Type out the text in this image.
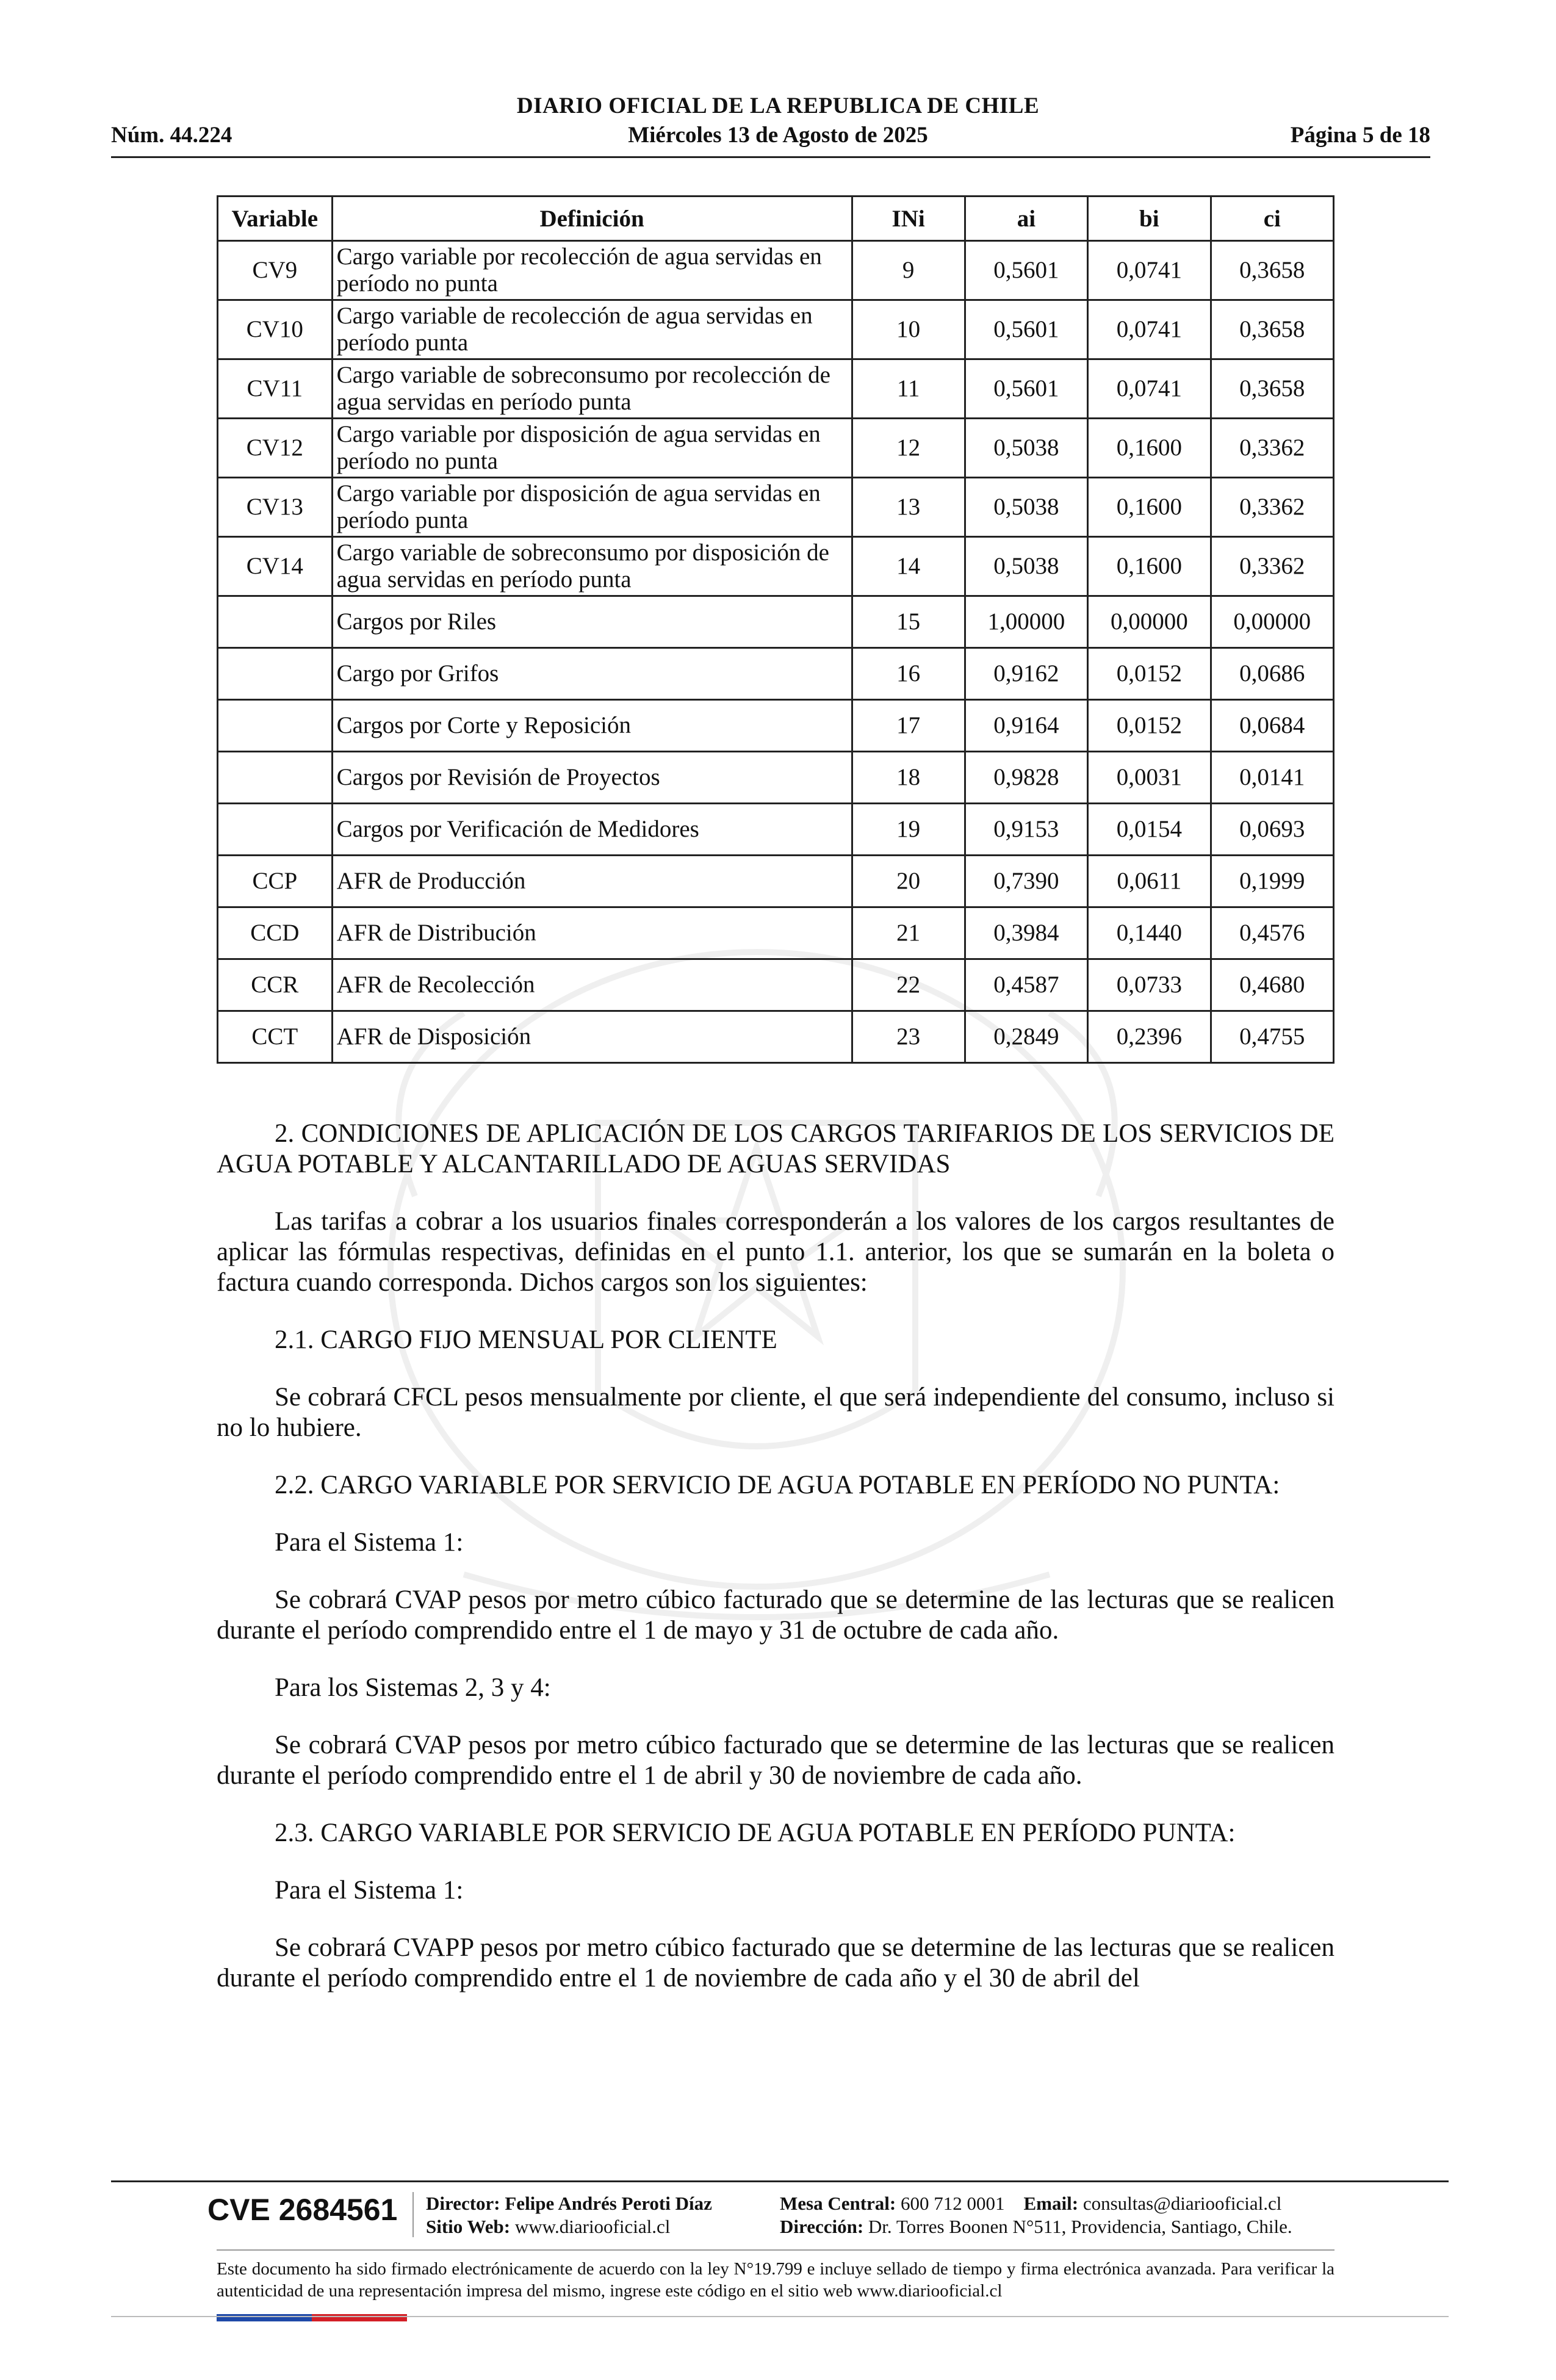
DIARIO OFICIAL DE LA REPUBLICA DE CHILE
Núm. 44.224	Miércoles 13 de Agosto de 2025	Página 5 de 18
Variable	Definición	INi	ai	bi	ci
CV9	Cargo variable por recolección de agua servidas en período no punta	9	0,5601	0,0741	0,3658
CV10	Cargo variable de recolección de agua servidas en período punta	10	0,5601	0,0741	0,3658
CV11	Cargo variable de sobreconsumo por recolección de agua servidas en período punta	11	0,5601	0,0741	0,3658
CV12	Cargo variable por disposición de agua servidas en período no punta	12	0,5038	0,1600	0,3362
CV13	Cargo variable por disposición de agua servidas en período punta	13	0,5038	0,1600	0,3362
CV14	Cargo variable de sobreconsumo por disposición de agua servidas en período punta	14	0,5038	0,1600	0,3362
	Cargos por Riles	15	1,00000	0,00000	0,00000
	Cargo por Grifos	16	0,9162	0,0152	0,0686
	Cargos por Corte y Reposición	17	0,9164	0,0152	0,0684
	Cargos por Revisión de Proyectos	18	0,9828	0,0031	0,0141
	Cargos por Verificación de Medidores	19	0,9153	0,0154	0,0693
CCP	AFR de Producción	20	0,7390	0,0611	0,1999
CCD	AFR de Distribución	21	0,3984	0,1440	0,4576
CCR	AFR de Recolección	22	0,4587	0,0733	0,4680
CCT	AFR de Disposición	23	0,2849	0,2396	0,4755

2. CONDICIONES DE APLICACIÓN DE LOS CARGOS TARIFARIOS DE LOS SERVICIOS DE AGUA POTABLE Y ALCANTARILLADO DE AGUAS SERVIDAS

Las tarifas a cobrar a los usuarios finales corresponderán a los valores de los cargos resultantes de aplicar las fórmulas respectivas, definidas en el punto 1.1. anterior, los que se sumarán en la boleta o factura cuando corresponda. Dichos cargos son los siguientes:

2.1. CARGO FIJO MENSUAL POR CLIENTE

Se cobrará CFCL pesos mensualmente por cliente, el que será independiente del consumo, incluso si no lo hubiere.

2.2. CARGO VARIABLE POR SERVICIO DE AGUA POTABLE EN PERÍODO NO PUNTA:

Para el Sistema 1:

Se cobrará CVAP pesos por metro cúbico facturado que se determine de las lecturas que se realicen durante el período comprendido entre el 1 de mayo y 31 de octubre de cada año.

Para los Sistemas 2, 3 y 4:

Se cobrará CVAP pesos por metro cúbico facturado que se determine de las lecturas que se realicen durante el período comprendido entre el 1 de abril y 30 de noviembre de cada año.

2.3. CARGO VARIABLE POR SERVICIO DE AGUA POTABLE EN PERÍODO PUNTA:

Para el Sistema 1:

Se cobrará CVAPP pesos por metro cúbico facturado que se determine de las lecturas que se realicen durante el período comprendido entre el 1 de noviembre de cada año y el 30 de abril del

CVE 2684561 Director: Felipe Andrés Peroti Díaz
Sitio Web: www.diariooficial.cl
Mesa Central: 600 712 0001 Email: consultas@diariooficial.cl
Dirección: Dr. Torres Boonen N°511, Providencia, Santiago, Chile.
Este documento ha sido firmado electrónicamente de acuerdo con la ley N°19.799 e incluye sellado de tiempo y firma electrónica avanzada. Para verificar la autenticidad de una representación impresa del mismo, ingrese este código en el sitio web www.diariooficial.cl
